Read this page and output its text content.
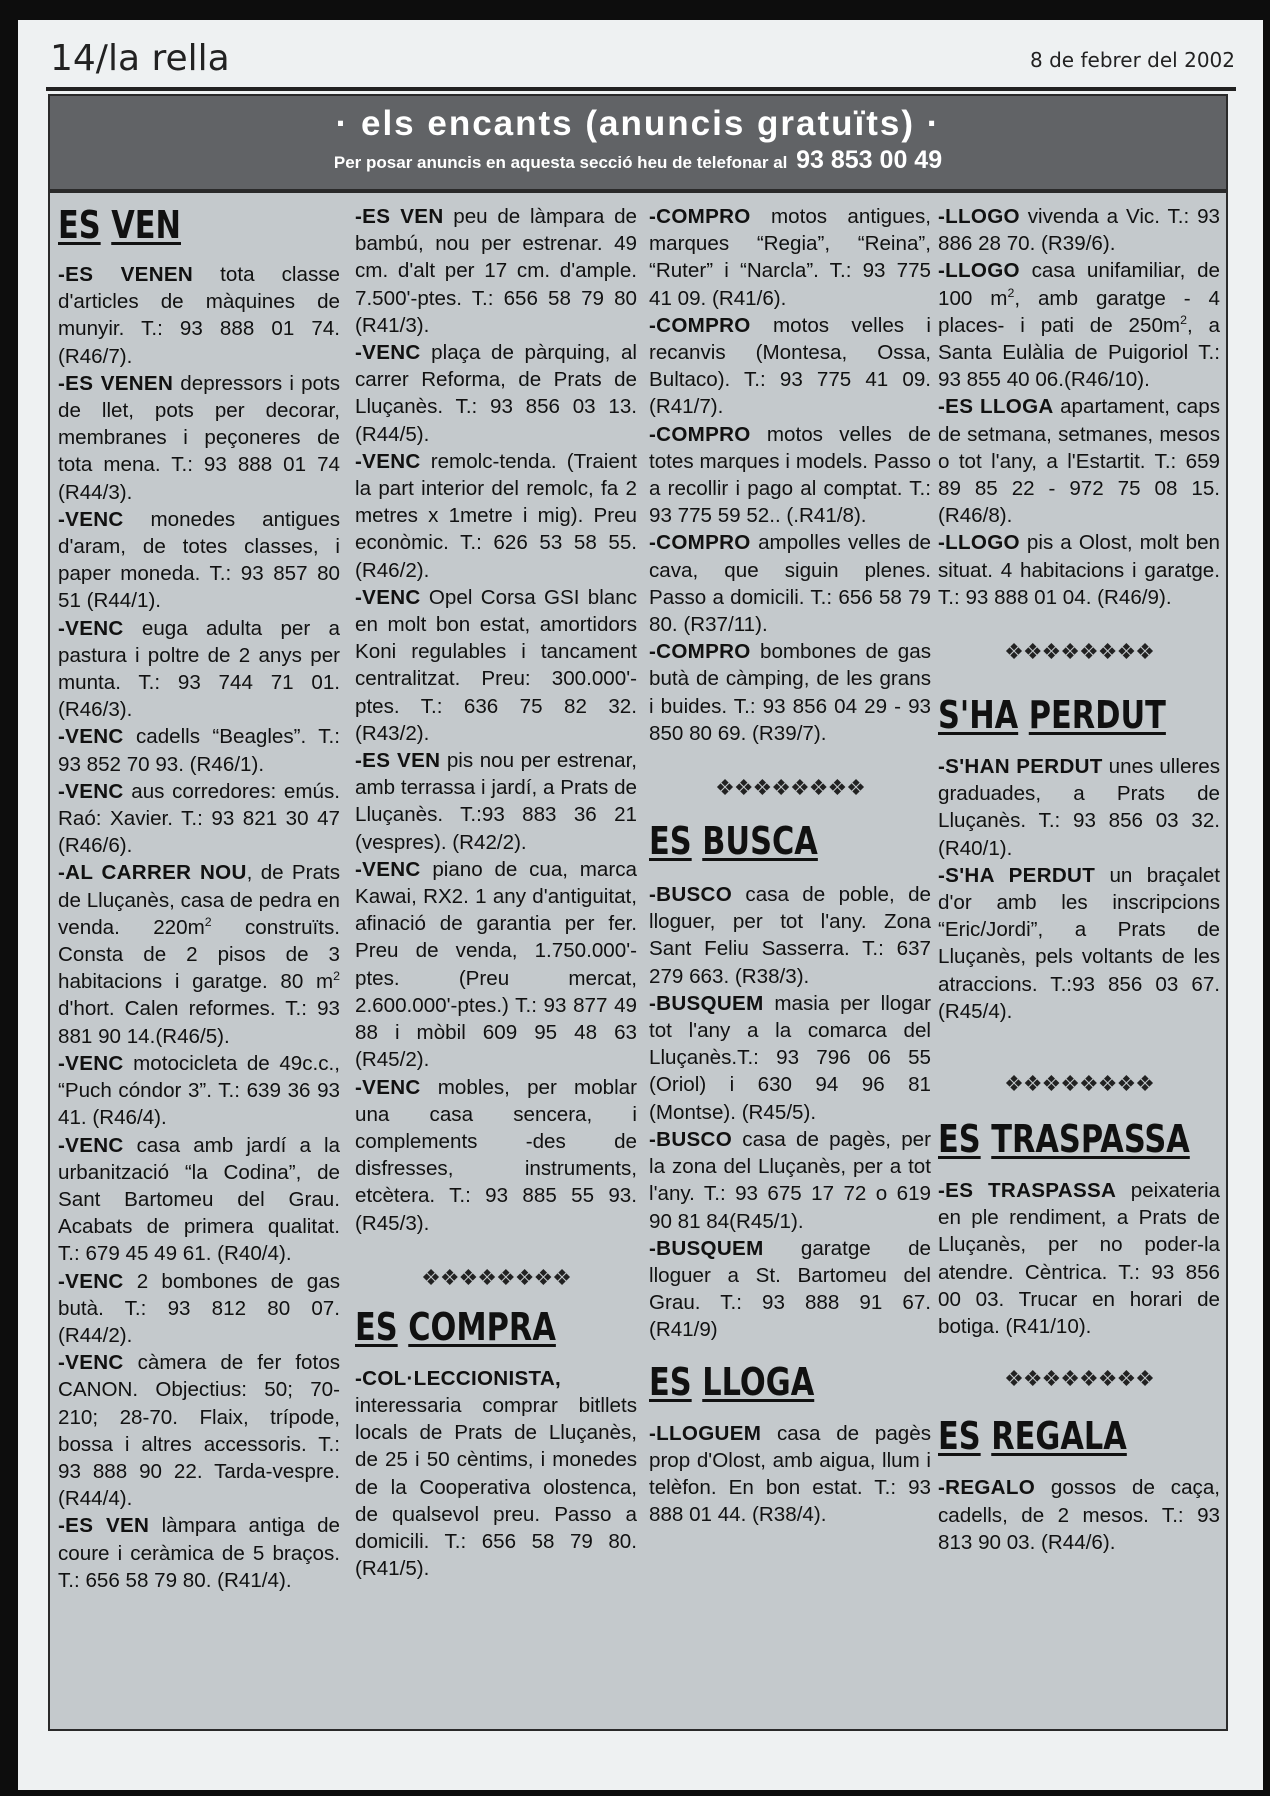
14/la rella	8 de febrer del 2002
· els encants (anuncis gratuïts) ·
Per posar anuncis en aquesta secció heu de telefonar al 93 853 00 49
ES VEN
-ES VENEN tota classe d'articles de màquines de munyir. T.: 93 888 01 74. (R46/7).
-ES VENEN depressors i pots de llet, pots per decorar, membranes i peçoneres de tota mena. T.: 93 888 01 74 (R44/3).
-VENC monedes antigues d'aram, de totes classes, i paper moneda. T.: 93 857 80 51 (R44/1).
-VENC euga adulta per a pastura i poltre de 2 anys per munta. T.: 93 744 71 01. (R46/3).
-VENC cadells “Beagles”. T.: 93 852 70 93. (R46/1).
-VENC aus corredores: emús. Raó: Xavier. T.: 93 821 30 47 (R46/6).
-AL CARRER NOU, de Prats de Lluçanès, casa de pedra en venda. $220m^2$ construïts. Consta de 2 pisos de 3 habitacions i garatge. 80 $m^2$ d'hort. Calen reformes. T.: 93 881 90 14.(R46/5).
-VENC motocicleta de 49c.c., “Puch cóndor 3”. T.: 639 36 93 41. (R46/4).
-VENC casa amb jardí a la urbanització “la Codina”, de Sant Bartomeu del Grau. Acabats de primera qualitat. T.: 679 45 49 61. (R40/4).
-VENC 2 bombones de gas butà. T.: 93 812 80 07. (R44/2).
-VENC càmera de fer fotos CANON. Objectius: 50; 70-210; 28-70. Flaix, trípode, bossa i altres accessoris. T.: 93 888 90 22. Tarda-vespre. (R44/4).
-ES VEN làmpara antiga de coure i ceràmica de 5 braços. T.: 656 58 79 80. (R41/4).
-ES VEN peu de làmpara de bambú, nou per estrenar. 49 cm. d'alt per 17 cm. d'ample. 7.500'-ptes. T.: 656 58 79 80 (R41/3).
-VENC plaça de pàrquing, al carrer Reforma, de Prats de Lluçanès. T.: 93 856 03 13. (R44/5).
-VENC remolc-tenda. (Traient la part interior del remolc, fa 2 metres x 1metre i mig). Preu econòmic. T.: 626 53 58 55. (R46/2).
-VENC Opel Corsa GSI blanc en molt bon estat, amortidors Koni regulables i tancament centralitzat. Preu: 300.000'- ptes. T.: 636 75 82 32. (R43/2).
-ES VEN pis nou per estrenar, amb terrassa i jardí, a Prats de Lluçanès. T.:93 883 36 21 (vespres). (R42/2).
-VENC piano de cua, marca Kawai, RX2. 1 any d'antiguitat, afinació de garantia per fer. Preu de venda, 1.750.000'-ptes. (Preu mercat, 2.600.000'-ptes.) T.: 93 877 49 88 i mòbil 609 95 48 63 (R45/2).
-VENC mobles, per moblar una casa sencera, i complements -des de disfresses, instruments, etcètera. T.: 93 885 55 93. (R45/3).
❖❖❖❖❖❖❖❖
ES COMPRA
-COL·LECCIONISTA, interessaria comprar bitllets locals de Prats de Lluçanès, de 25 i 50 cèntims, i monedes de la Cooperativa olostenca, de qualsevol preu. Passo a domicili. T.: 656 58 79 80. (R41/5).
-COMPRO motos antigues, marques “Regia”, “Reina”, “Ruter” i “Narcla”. T.: 93 775 41 09. (R41/6).
-COMPRO motos velles i recanvis (Montesa, Ossa, Bultaco). T.: 93 775 41 09.(R41/7).
-COMPRO motos velles de totes marques i models. Passo a recollir i pago al comptat. T.: 93 775 59 52.. (.R41/8).
-COMPRO ampolles velles de cava, que siguin plenes. Passo a domicili. T.: 656 58 79 80. (R37/11).
-COMPRO bombones de gas butà de càmping, de les grans i buides. T.: 93 856 04 29 - 93 850 80 69. (R39/7).
❖❖❖❖❖❖❖❖
ES BUSCA
-BUSCO casa de poble, de lloguer, per tot l'any. Zona Sant Feliu Sasserra. T.: 637 279 663. (R38/3).
-BUSQUEM masia per llogar tot l'any a la comarca del Lluçanès.T.: 93 796 06 55 (Oriol) i 630 94 96 81 (Montse). (R45/5).
-BUSCO casa de pagès, per la zona del Lluçanès, per a tot l'any. T.: 93 675 17 72 o 619 90 81 84(R45/1).
-BUSQUEM garatge de lloguer a St. Bartomeu del Grau. T.: 93 888 91 67. (R41/9)
ES LLOGA
-LLOGUEM casa de pagès prop d'Olost, amb aigua, llum i telèfon. En bon estat. T.: 93 888 01 44. (R38/4).
-LLOGO vivenda a Vic. T.: 93 886 28 70. (R39/6).
-LLOGO casa unifamiliar, de 100 $m^2$, amb garatge - 4 places- i pati de $250m^2$, a Santa Eulàlia de Puigoriol T.: 93 855 40 06.(R46/10).
-ES LLOGA apartament, caps de setmana, setmanes, mesos o tot l'any, a l'Estartit. T.: 659 89 85 22 - 972 75 08 15. (R46/8).
-LLOGO pis a Olost, molt ben situat. 4 habitacions i garatge. T.: 93 888 01 04. (R46/9).
❖❖❖❖❖❖❖❖
S'HA PERDUT
-S'HAN PERDUT unes ulleres graduades, a Prats de Lluçanès. T.: 93 856 03 32. (R40/1).
-S'HA PERDUT un braçalet d'or amb les inscripcions “Eric/Jordi”, a Prats de Lluçanès, pels voltants de les atraccions. T.:93 856 03 67. (R45/4).
❖❖❖❖❖❖❖❖
ES TRASPASSA
-ES TRASPASSA peixateria en ple rendiment, a Prats de Lluçanès, per no poder-la atendre. Cèntrica. T.: 93 856 00 03. Trucar en horari de botiga. (R41/10).
❖❖❖❖❖❖❖❖
ES REGALA
-REGALO gossos de caça, cadells, de 2 mesos. T.: 93 813 90 03. (R44/6).
